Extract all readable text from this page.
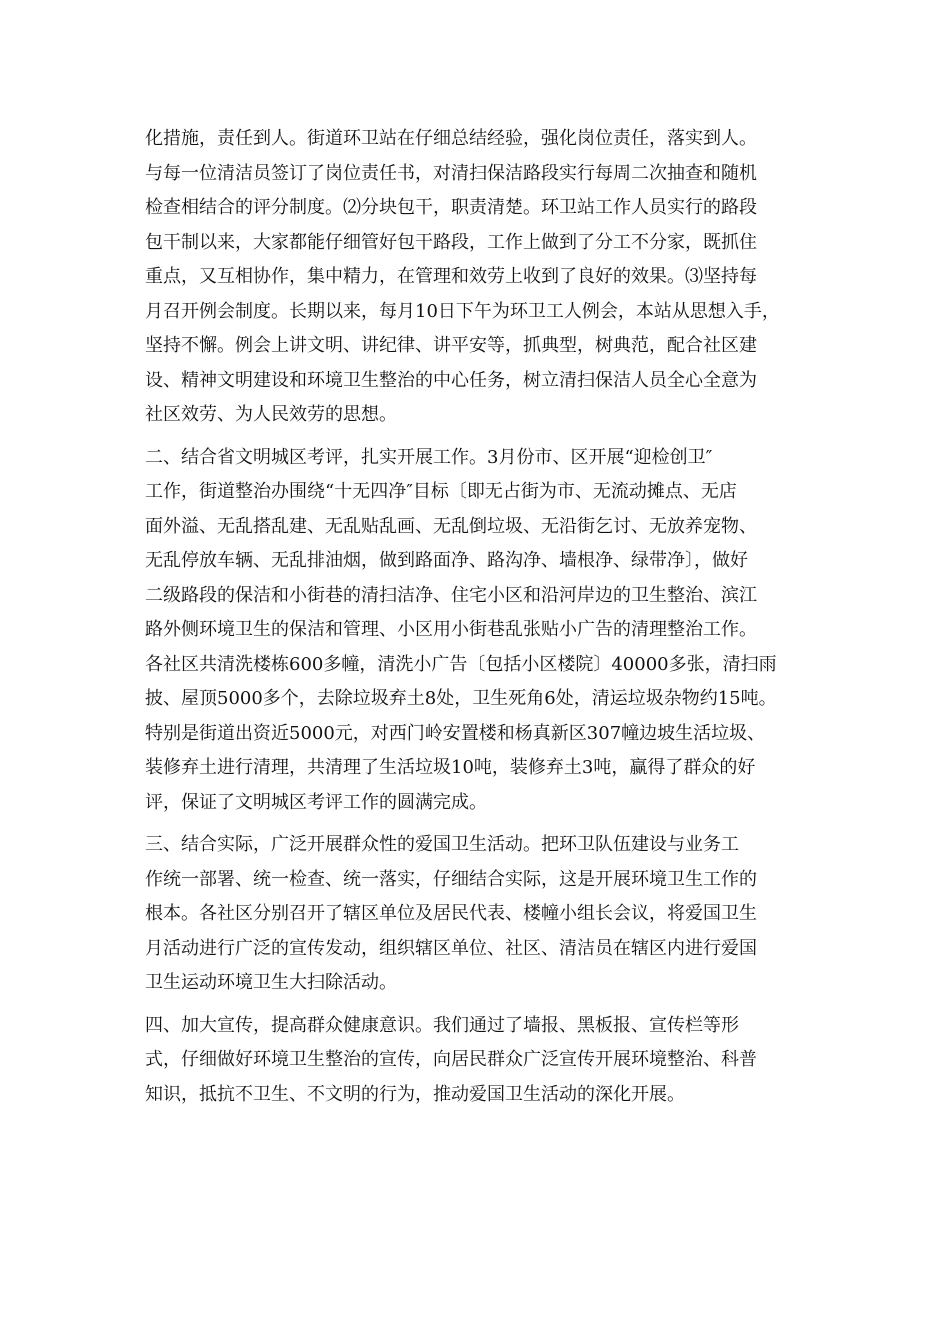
化措施，责任到人。街道环卫站在仔细总结经验，强化岗位责任，落实到人。
与每一位清洁员签订了岗位责任书，对清扫保洁路段实行每周二次抽查和随机
检查相结合的评分制度。⑵分块包干，职责清楚。环卫站工作人员实行的路段
包干制以来，大家都能仔细管好包干路段，工作上做到了分工不分家，既抓住
重点，又互相协作，集中精力，在管理和效劳上收到了良好的效果。⑶坚持每
月召开例会制度。长期以来，每月10日下午为环卫工人例会，本站从思想入手，
坚持不懈。例会上讲文明、讲纪律、讲平安等，抓典型，树典范，配合社区建
设、精神文明建设和环境卫生整治的中心任务，树立清扫保洁人员全心全意为
社区效劳、为人民效劳的思想。
二、结合省文明城区考评，扎实开展工作。3月份市、区开展“迎检创卫″
工作，街道整治办围绕“十无四净″目标〔即无占街为市、无流动摊点、无店
面外溢、无乱搭乱建、无乱贴乱画、无乱倒垃圾、无沿街乞讨、无放养宠物、
无乱停放车辆、无乱排油烟，做到路面净、路沟净、墙根净、绿带净〕，做好
二级路段的保洁和小街巷的清扫洁净、住宅小区和沿河岸边的卫生整治、滨江
路外侧环境卫生的保洁和管理、小区用小街巷乱张贴小广告的清理整治工作。
各社区共清洗楼栋600多幢，清洗小广告〔包括小区楼院〕40000多张，清扫雨
披、屋顶5000多个，去除垃圾弃土8处，卫生死角6处，清运垃圾杂物约15吨。
特别是街道出资近5000元，对西门岭安置楼和杨真新区307幢边坡生活垃圾、
装修弃土进行清理，共清理了生活垃圾10吨，装修弃土3吨，赢得了群众的好
评，保证了文明城区考评工作的圆满完成。
三、结合实际，广泛开展群众性的爱国卫生活动。把环卫队伍建设与业务工
作统一部署、统一检查、统一落实，仔细结合实际，这是开展环境卫生工作的
根本。各社区分别召开了辖区单位及居民代表、楼幢小组长会议，将爱国卫生
月活动进行广泛的宣传发动，组织辖区单位、社区、清洁员在辖区内进行爱国
卫生运动环境卫生大扫除活动。
四、加大宣传，提高群众健康意识。我们通过了墙报、黑板报、宣传栏等形
式，仔细做好环境卫生整治的宣传，向居民群众广泛宣传开展环境整治、科普
知识，抵抗不卫生、不文明的行为，推动爱国卫生活动的深化开展。
